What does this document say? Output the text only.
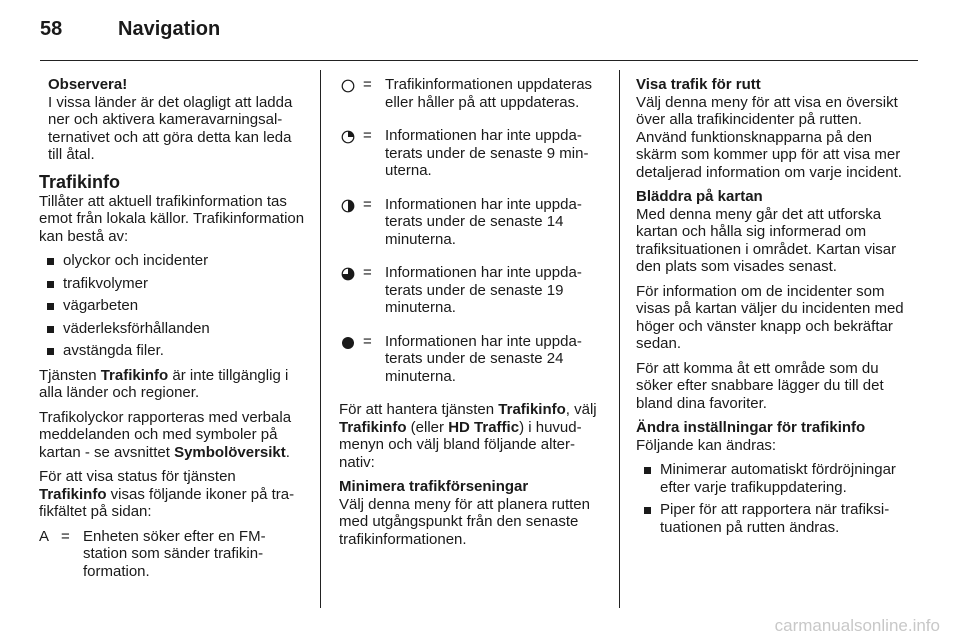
58	Navigation
Observera!
I vissa länder är det olagligt att ladda ner och aktivera kameravarningsalternativet och att göra detta kan leda till åtal.
Trafikinfo

Tillåter att aktuell trafikinformation tas emot från lokala källor. Trafikinformation kan bestå av:

olyckor och incidenter
trafikvolymer
vägarbeten
väderleksförhållanden
avstängda filer.

Tjänsten Trafikinfo är inte tillgänglig i alla länder och regioner.

Trafikolyckor rapporteras med verbala meddelanden och med symboler på kartan - se avsnittet Symbolöversikt.

För att visa status för tjänsten Trafikinfo visas följande ikoner på trafikfältet på sidan:

A = Enheten söker efter en FM-station som sänder trafikinformation.
= Trafikinformationen uppdateras eller håller på att uppdateras.
= Informationen har inte uppdaterats under de senaste 9 minuterna.
= Informationen har inte uppdaterats under de senaste 14 minuterna.
= Informationen har inte uppdaterats under de senaste 19 minuterna.
= Informationen har inte uppdaterats under de senaste 24 minuterna.

För att hantera tjänsten Trafikinfo, välj Trafikinfo (eller HD Traffic) i huvudmenyn och välj bland följande alternativ:

Minimera trafikförseningar
Välj denna meny för att planera rutten med utgångspunkt från den senaste trafikinformationen.

Visa trafik för rutt
Välj denna meny för att visa en översikt över alla trafikincidenter på rutten. Använd funktionsknapparna på den skärm som kommer upp för att visa mer detaljerad information om varje incident.

Bläddra på kartan
Med denna meny går det att utforska kartan och hålla sig informerad om trafiksituationen i området. Kartan visar den plats som visades senast.

För information om de incidenter som visas på kartan väljer du incidenten med höger och vänster knapp och bekräftar sedan.

För att komma åt ett område som du söker efter snabbare lägger du till det bland dina favoriter.

Ändra inställningar för trafikinfo
Följande kan ändras:

Minimerar automatiskt fördröjningar efter varje trafikuppdatering.
Piper för att rapportera när trafiksituationen på rutten ändras.
carmanualsonline.info
